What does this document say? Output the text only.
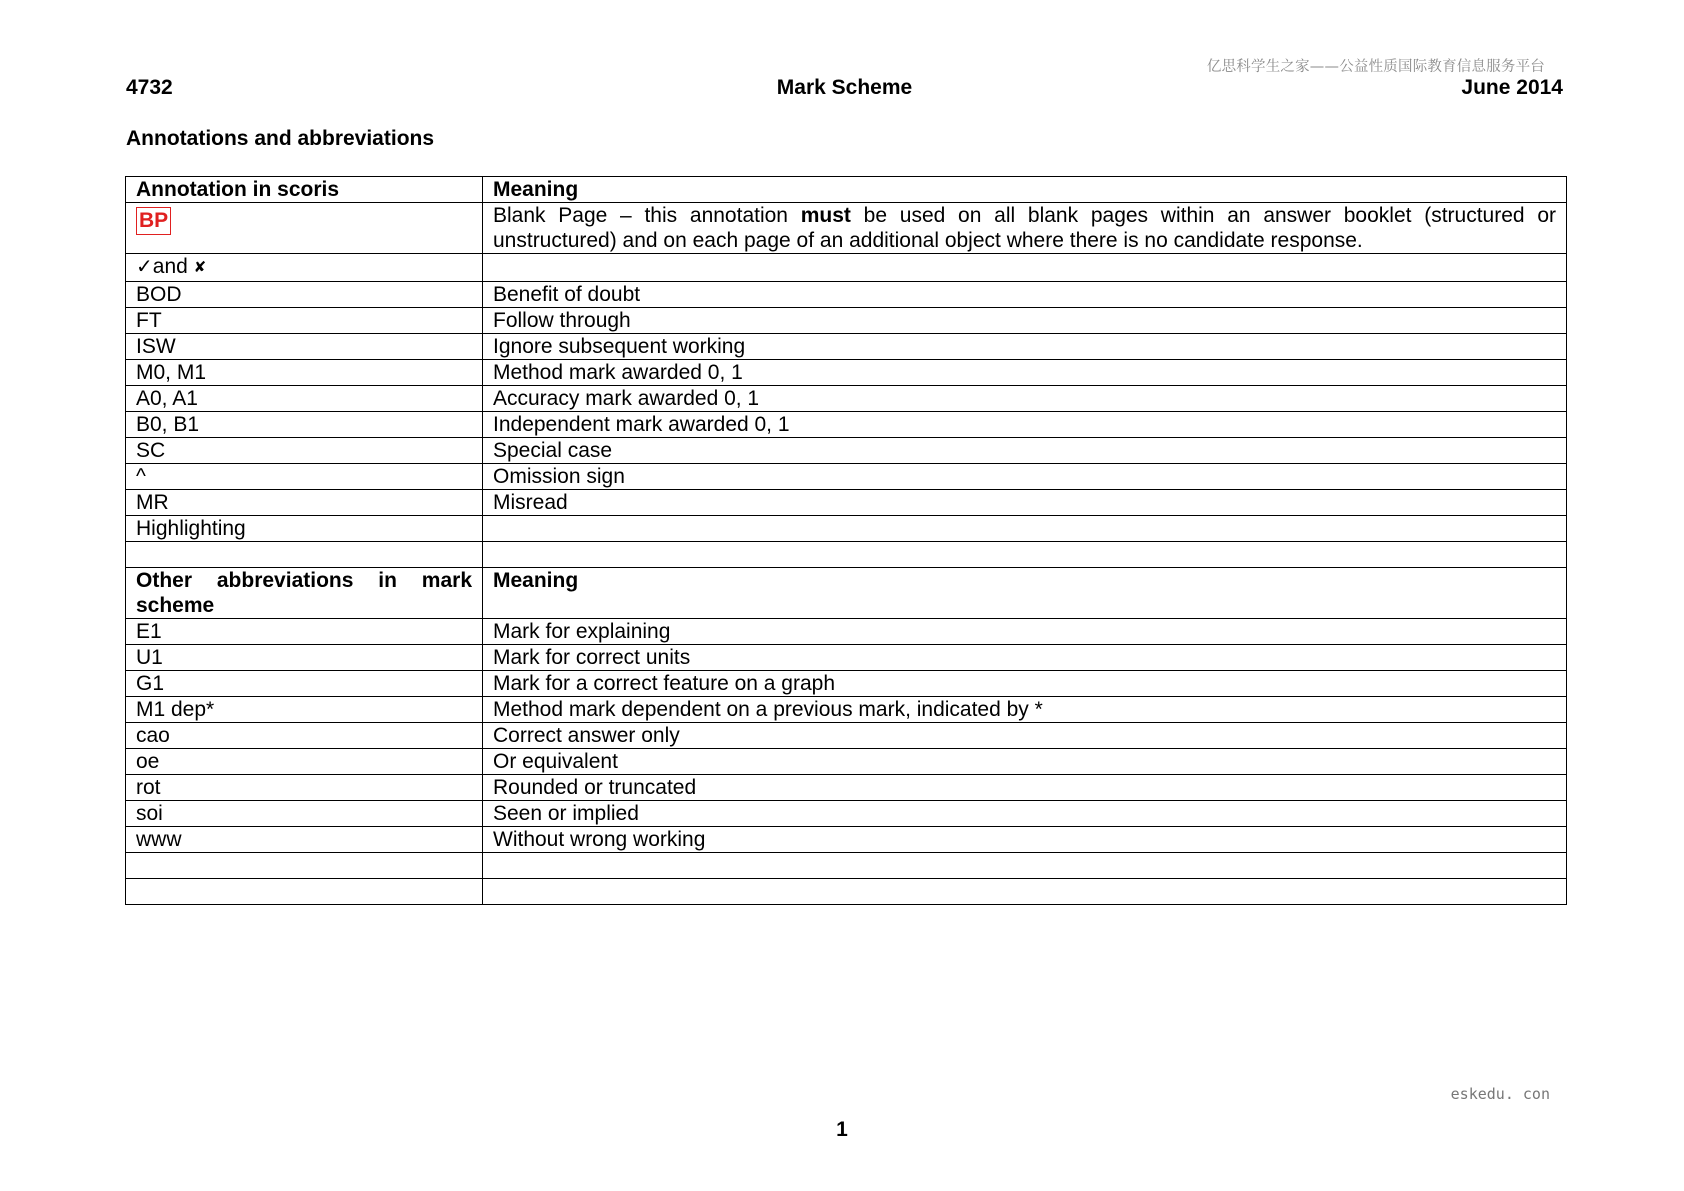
亿思科学生之家——公益性质国际教育信息服务平台
4732	Mark Scheme	June 2014
Annotations and abbreviations
Annotation in scoris	Meaning
BP	Blank Page – this annotation must be used on all blank pages within an answer booklet (structured or unstructured) and on each page of an additional object where there is no candidate response.
✓and ✘	
BOD	Benefit of doubt
FT	Follow through
ISW	Ignore subsequent working
M0, M1	Method mark awarded 0, 1
A0, A1	Accuracy mark awarded 0, 1
B0, B1	Independent mark awarded 0, 1
SC	Special case
^	Omission sign
MR	Misread
Highlighting	

Other abbreviations in mark scheme	Meaning
E1	Mark for explaining
U1	Mark for correct units
G1	Mark for a correct feature on a graph
M1 dep*	Method mark dependent on a previous mark, indicated by *
cao	Correct answer only
oe	Or equivalent
rot	Rounded or truncated
soi	Seen or implied
www	Without wrong working

eskedu. con
1
